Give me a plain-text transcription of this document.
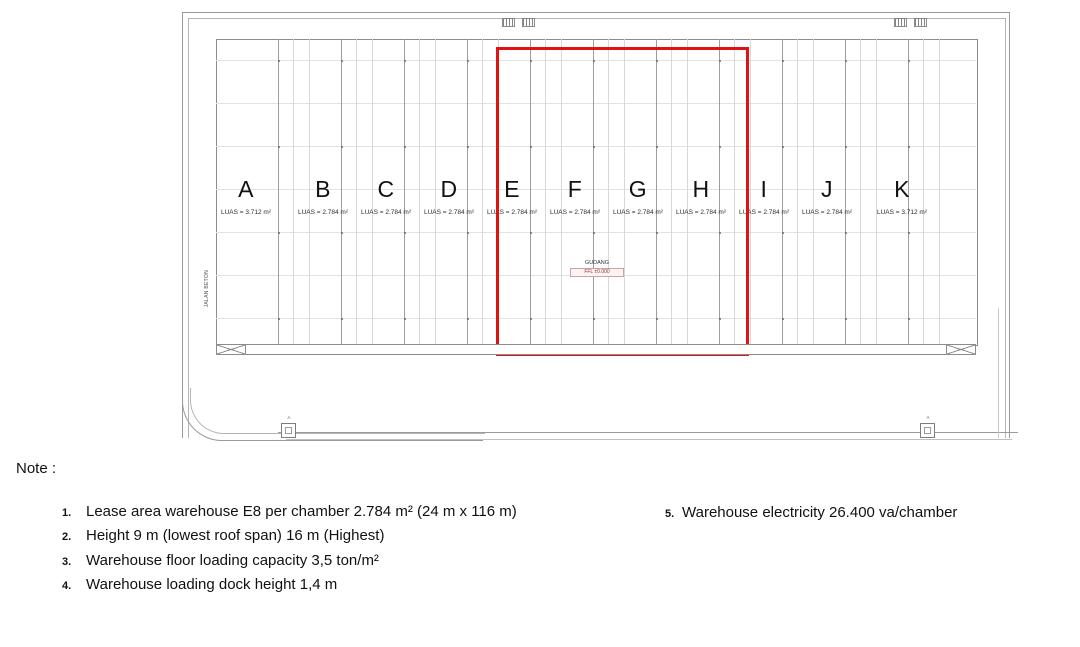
A	B C D E F G H I J	K
LUAS = 3.712 m²	LUAS = 2.784 m² LUAS = 2.784 m² LUAS = 2.784 m² LUAS = 2.784 m² LUAS = 2.784 m² LUAS = 2.784 m² LUAS = 2.784 m² LUAS = 2.784 m² LUAS = 2.784 m²	LUAS = 3.712 m²
GUDANG
FFL ±0.000
JALAN BETON
A	A
Note :
1. Lease area warehouse E8 per chamber 2.784 m² (24 m x 116 m)
2. Height 9 m (lowest roof span) 16 m (Highest)
3. Warehouse floor loading capacity 3,5 ton/m²
4. Warehouse loading dock height 1,4 m
5. Warehouse electricity 26.400 va/chamber
